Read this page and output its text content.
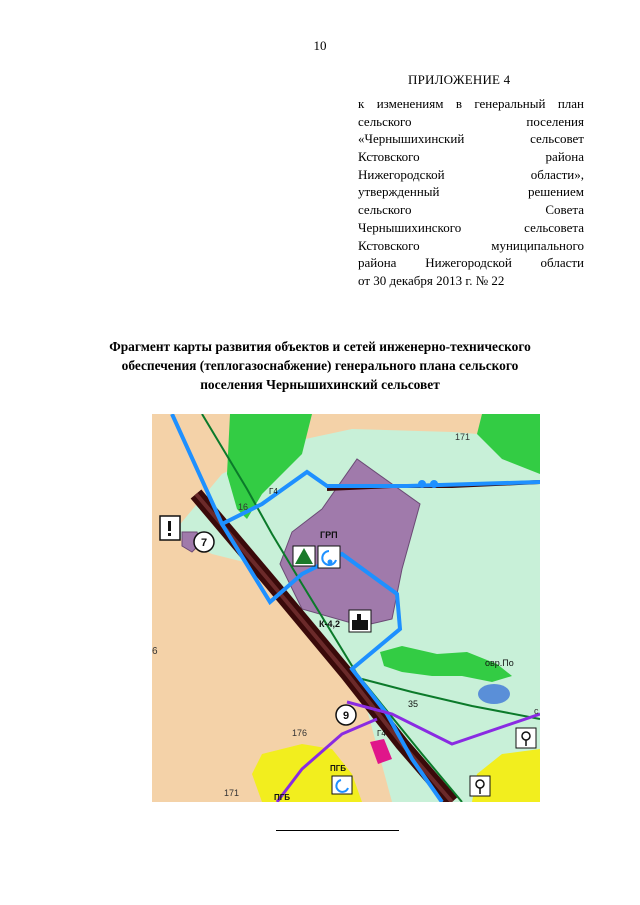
10
ПРИЛОЖЕНИЕ 4
к изменениям в генеральный план
сельского поселения
«Чернышихинский сельсовет
Кстовского района
Нижегородской области»,
утвержденный решением
сельского Совета
Чернышихинского сельсовета
Кстовского муниципального
района Нижегородской области
от 30 декабря 2013 г. № 22
Фрагмент карты развития объектов и сетей инженерно-технического
обеспечения (теплогазоснабжение) генерального плана сельского
поселения Чернышихинский сельсовет
171
16
Г4
Г4
176
171
овр.По
35
6
с
ГРП
К-4,2
7
9
ПГБ
ПГБ
